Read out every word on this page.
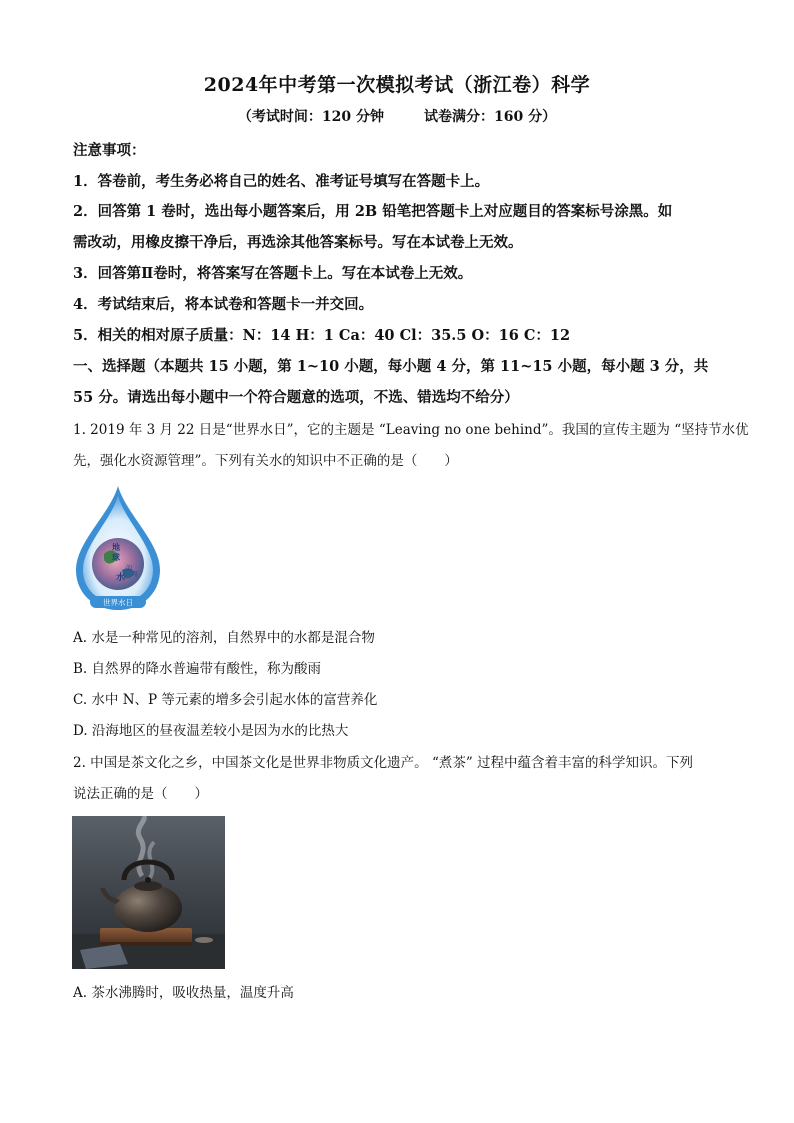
2024年中考第一次模拟考试（浙江卷）科学
（考试时间：120 分钟	试卷满分：160 分）
注意事项：
1．答卷前，考生务必将自己的姓名、准考证号填写在答题卡上。
2．回答第 1 卷时，选出每小题答案后，用 2B 铅笔把答题卡上对应题目的答案标号涂黑。如
需改动，用橡皮擦干净后，再选涂其他答案标号。写在本试卷上无效。
3．回答第Ⅱ卷时，将答案写在答题卡上。写在本试卷上无效。
4．考试结束后，将本试卷和答题卡一并交回。
5．相关的相对原子质量：N：14 H：1 Ca：40 Cl：35.5 O：16 C：12
一、选择题（本题共 15 小题，第 1~10 小题，每小题 4 分，第 11~15 小题，每小题 3 分，共
55 分。请选出每小题中一个符合题意的选项，不选、错选均不给分）
1. 2019 年 3 月 22 日是“世界水日”，它的主题是 “Leaving no one behind”。我国的宣传主题为 “坚持节水优
先，强化水资源管理”。下列有关水的知识中不正确的是（　　）
地
球
的
用
水
世界水日
A. 水是一种常见的溶剂，自然界中的水都是混合物
B. 自然界的降水普遍带有酸性，称为酸雨
C. 水中 N、P 等元素的增多会引起水体的富营养化
D. 沿海地区的昼夜温差较小是因为水的比热大
2. 中国是茶文化之乡，中国茶文化是世界非物质文化遗产。 “煮茶” 过程中蕴含着丰富的科学知识。下列
说法正确的是（　　）
A. 茶水沸腾时，吸收热量，温度升高
